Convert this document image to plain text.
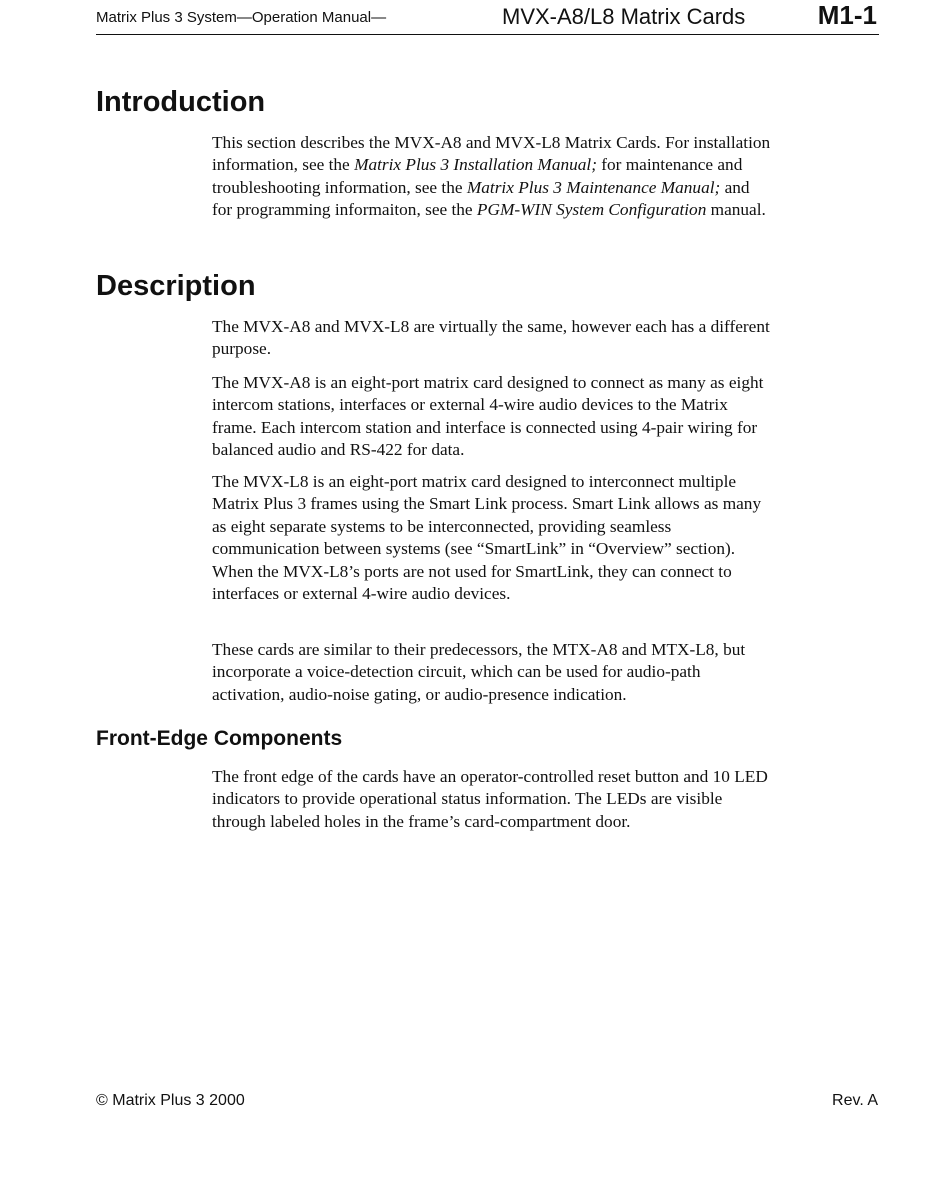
Matrix Plus 3 System—Operation Manual—	MVX-A8/L8 Matrix Cards	M1-1
Introduction

This section describes the MVX-A8 and MVX-L8 Matrix Cards. For installation information, see the Matrix Plus 3 Installation Manual; for maintenance and troubleshooting information, see the Matrix Plus 3 Maintenance Manual; and for programming informaiton, see the PGM-WIN System Configuration manual.

Description

The MVX-A8 and MVX-L8 are virtually the same, however each has a different purpose.

The MVX-A8 is an eight-port matrix card designed to connect as many as eight intercom stations, interfaces or external 4-wire audio devices to the Matrix frame. Each intercom station and interface is connected using 4-pair wiring for balanced audio and RS-422 for data.

The MVX-L8 is an eight-port matrix card designed to interconnect multiple Matrix Plus 3 frames using the Smart Link process. Smart Link allows as many as eight separate systems to be interconnected, providing seamless communication between systems (see “SmartLink” in “Overview” section). When the MVX-L8’s ports are not used for SmartLink, they can connect to interfaces or external 4-wire audio devices.

These cards are similar to their predecessors, the MTX-A8 and MTX-L8, but incorporate a voice-detection circuit, which can be used for audio-path activation, audio-noise gating, or audio-presence indication.

Front-Edge Components

The front edge of the cards have an operator-controlled reset button and 10 LED indicators to provide operational status information. The LEDs are visible through labeled holes in the frame’s card-compartment door.

© Matrix Plus 3 2000	Rev. A
